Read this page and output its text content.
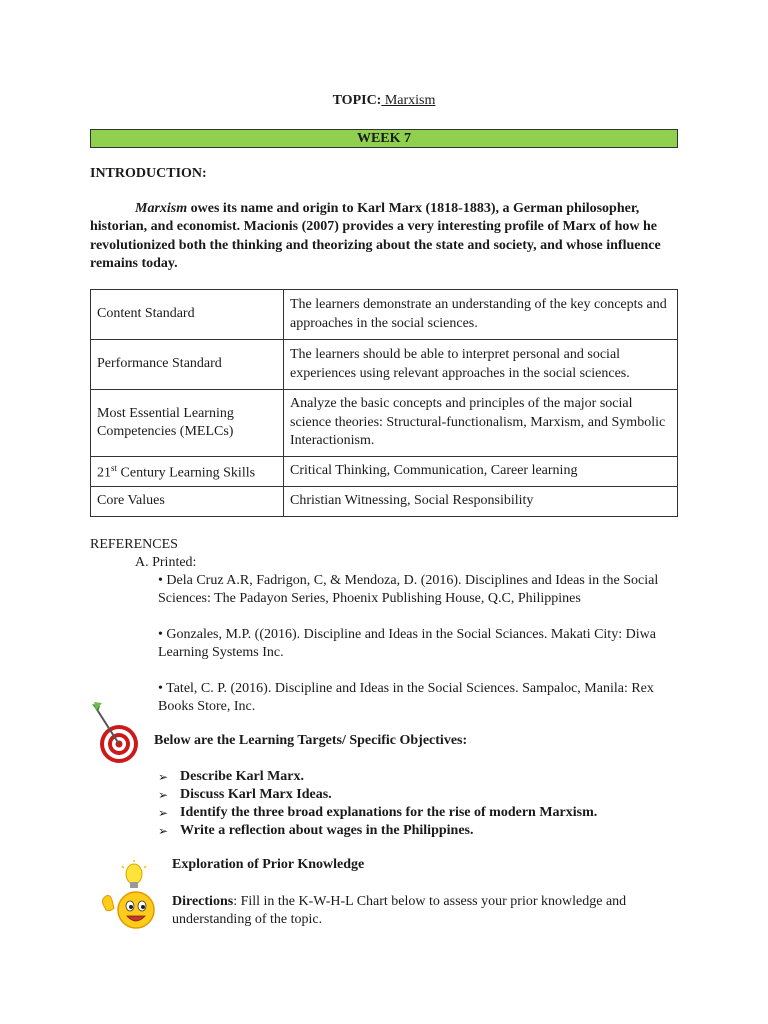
TOPIC: Marxism
WEEK 7
INTRODUCTION:

Marxism owes its name and origin to Karl Marx (1818-1883), a German philosopher, historian, and economist. Macionis (2007) provides a very interesting profile of Marx of how he revolutionized both the thinking and theorizing about the state and society, and whose influence remains today.

Content Standard	The learners demonstrate an understanding of the key concepts and approaches in the social sciences.
Performance Standard	The learners should be able to interpret personal and social experiences using relevant approaches in the social sciences.
Most Essential Learning Competencies (MELCs)	Analyze the basic concepts and principles of the major social science theories: Structural-functionalism, Marxism, and Symbolic Interactionism.
21st Century Learning Skills	Critical Thinking, Communication, Career learning
Core Values	Christian Witnessing, Social Responsibility
REFERENCES
A. Printed:
• Dela Cruz A.R, Fadrigon, C, & Mendoza, D. (2016). Disciplines and Ideas in the Social Sciences: The Padayon Series, Phoenix Publishing House, Q.C, Philippines
• Gonzales, M.P. ((2016). Discipline and Ideas in the Social Sciances. Makati City: Diwa Learning Systems Inc.
• Tatel, C. P. (2016). Discipline and Ideas in the Social Sciences. Sampaloc, Manila: Rex Books Store, Inc.
Below are the Learning Targets/ Specific Objectives:
➢ Describe Karl Marx.
➢ Discuss Karl Marx Ideas.
➢ Identify the three broad explanations for the rise of modern Marxism.
➢ Write a reflection about wages in the Philippines.
Exploration of Prior Knowledge
Directions: Fill in the K-W-H-L Chart below to assess your prior knowledge and understanding of the topic.
